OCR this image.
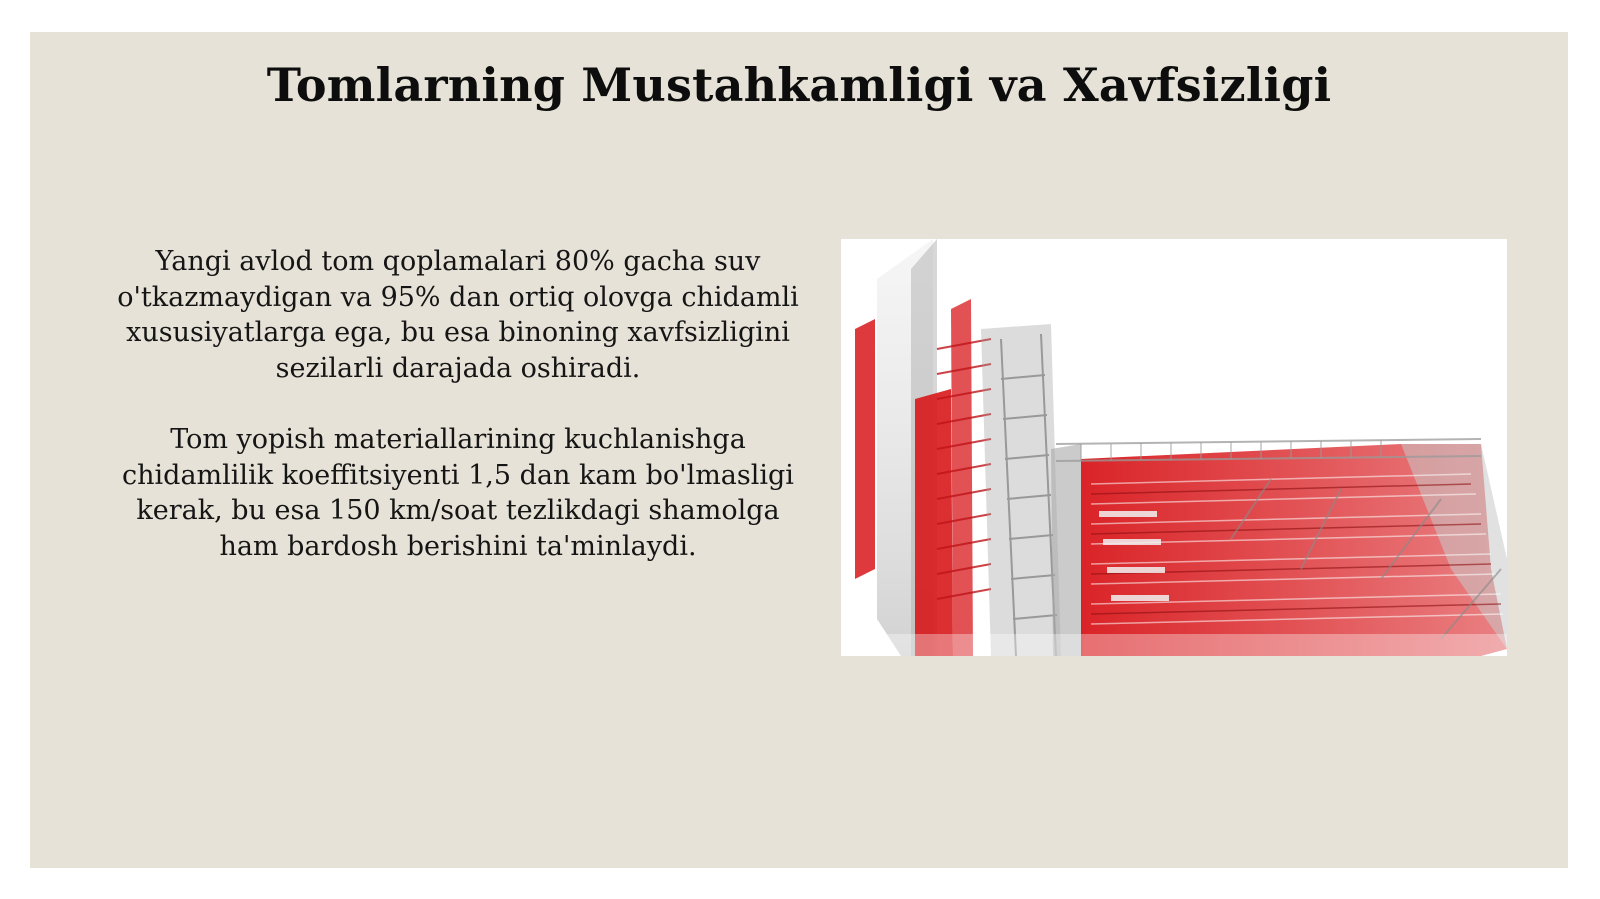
Tomlarning Mustahkamligi va Xavfsizligi

Yangi avlod tom qoplamalari 80% gacha suv o'tkazmaydigan va 95% dan ortiq olovga chidamli xususiyatlarga ega, bu esa binoning xavfsizligini sezilarli darajada oshiradi.

Tom yopish materiallarining kuchlanishga chidamlilik koeffitsiyenti 1,5 dan kam bo'lmasligi kerak, bu esa 150 km/soat tezlikdagi shamolga ham bardosh berishini ta'minlaydi.
